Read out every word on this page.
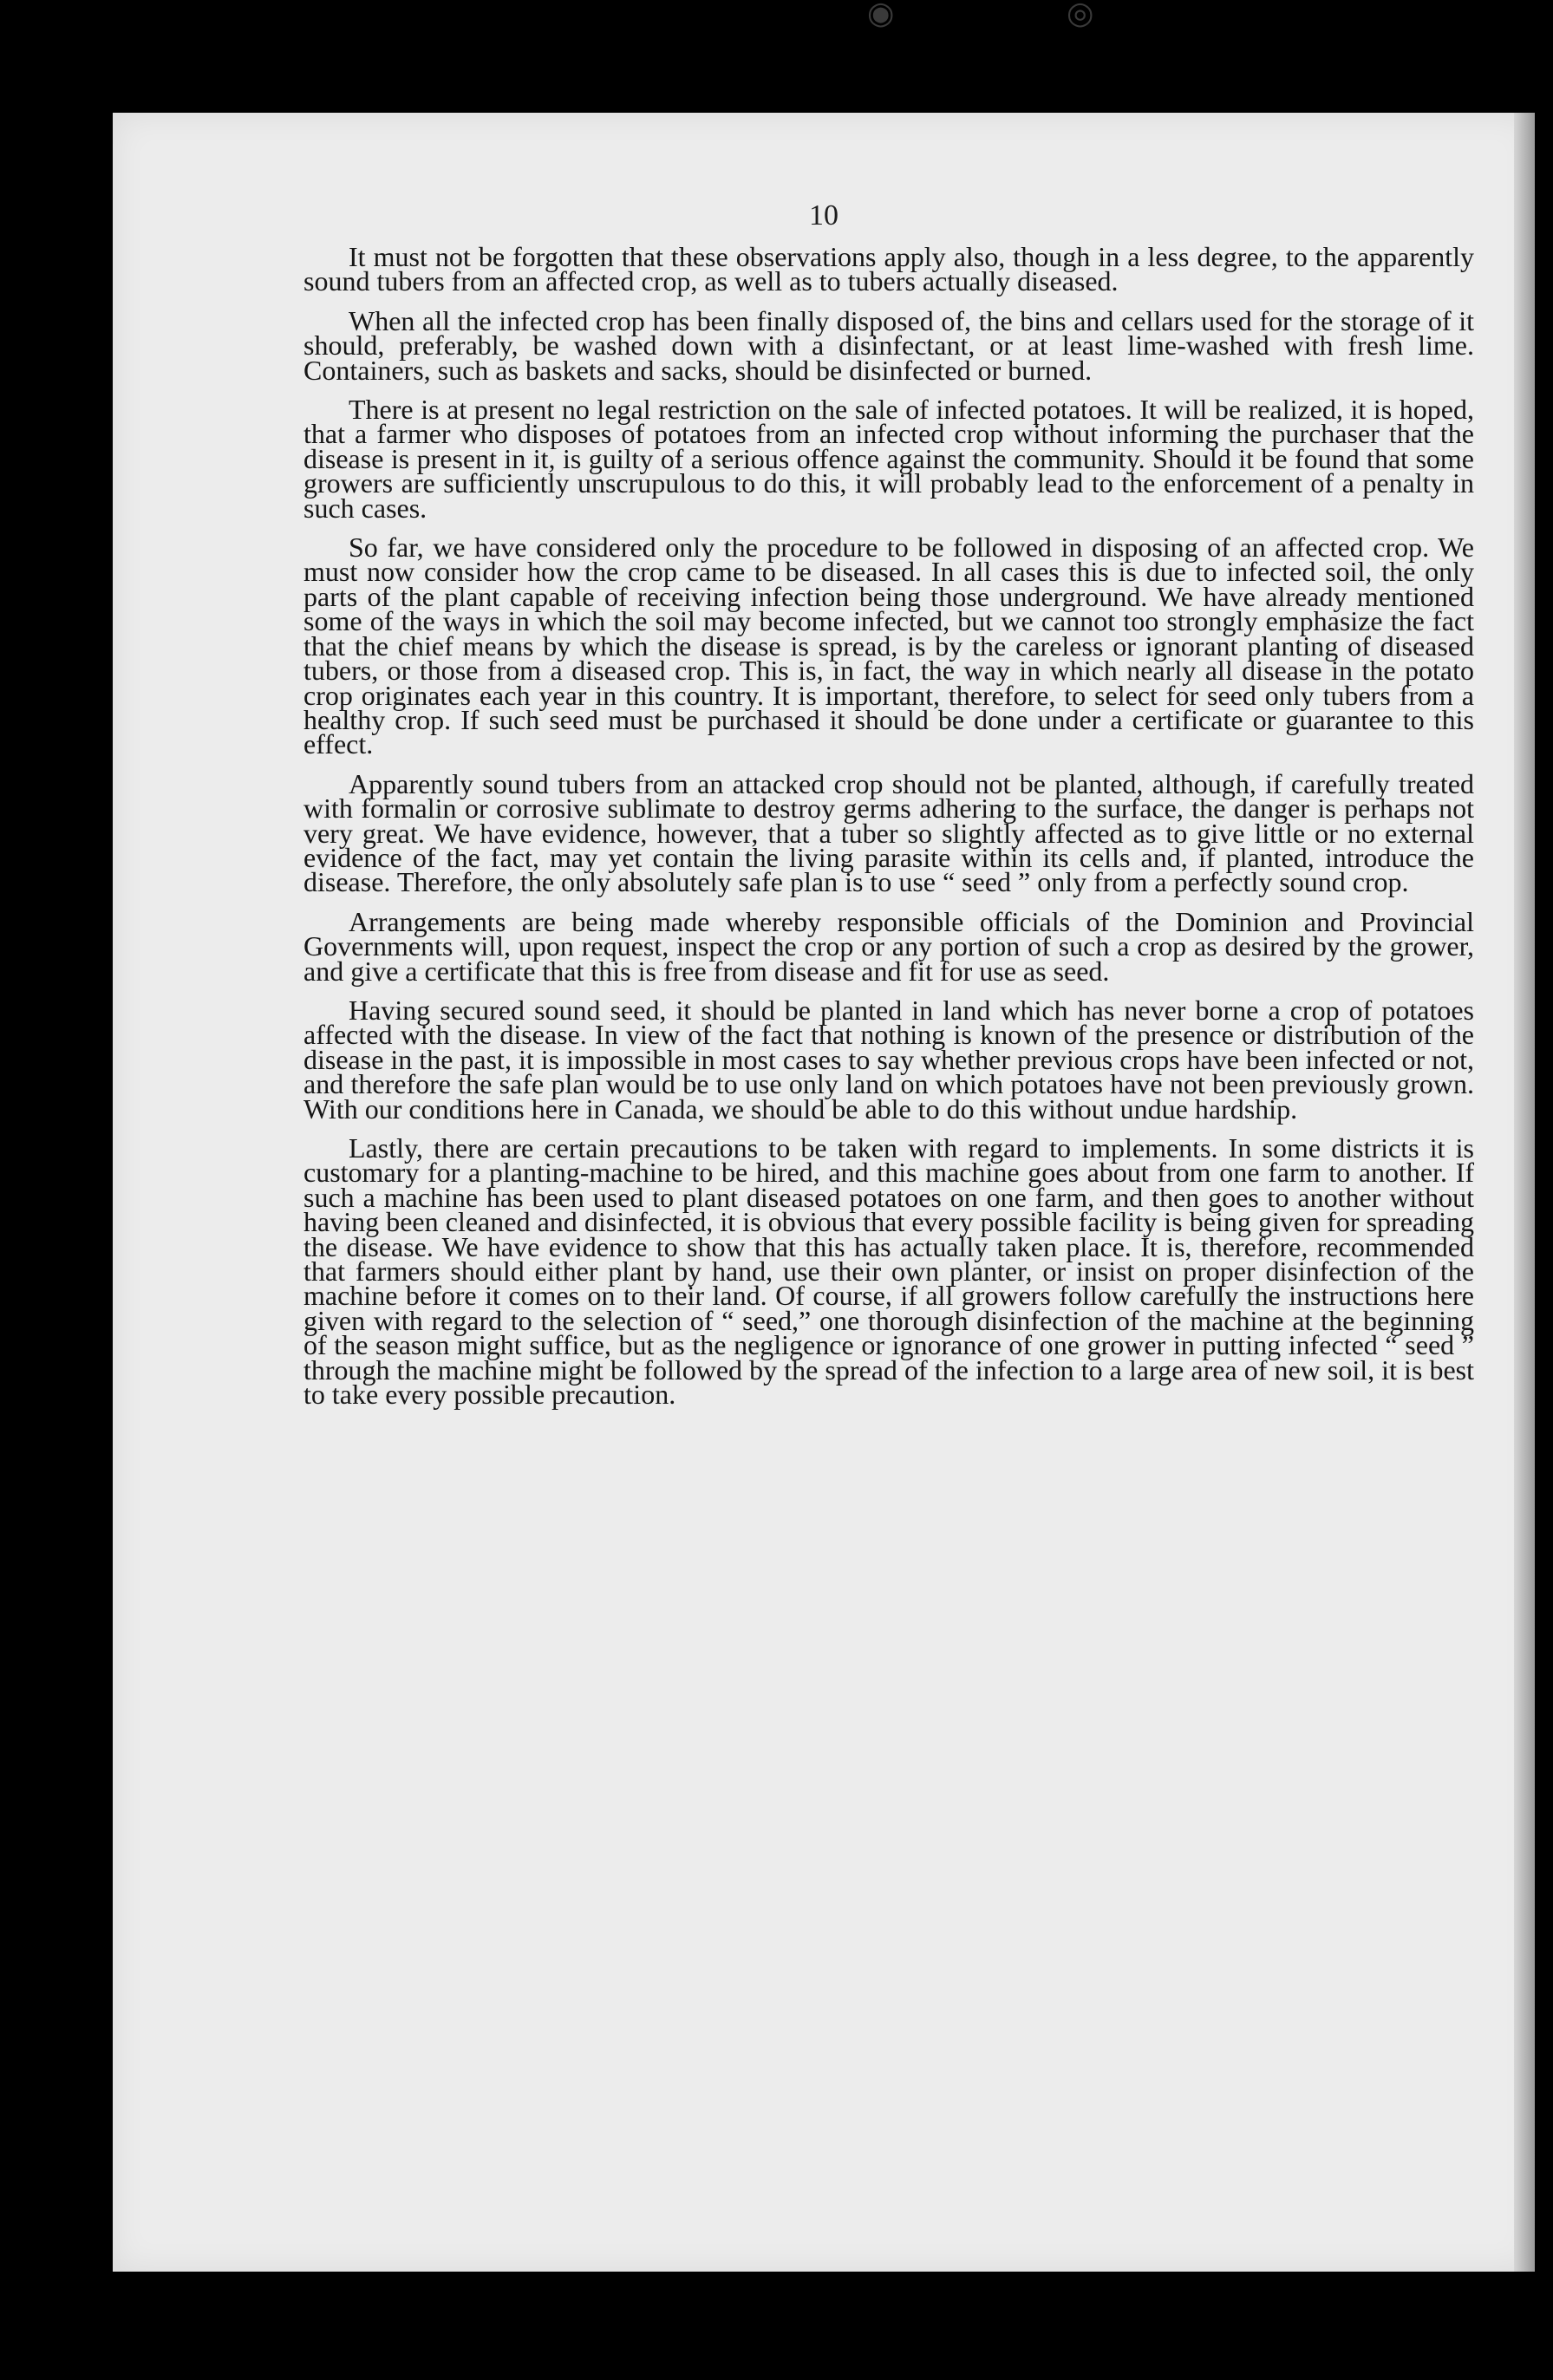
◉	◎

10

It must not be forgotten that these observations apply also, though in a less degree, to the apparently sound tubers from an affected crop, as well as to tubers actually diseased.

When all the infected crop has been finally disposed of, the bins and cellars used for the storage of it should, preferably, be washed down with a disinfectant, or at least lime-washed with fresh lime. Containers, such as baskets and sacks, should be disinfected or burned.

There is at present no legal restriction on the sale of infected potatoes. It will be realized, it is hoped, that a farmer who disposes of potatoes from an infected crop without informing the purchaser that the disease is present in it, is guilty of a serious offence against the community. Should it be found that some growers are sufficiently unscrupulous to do this, it will probably lead to the enforcement of a penalty in such cases.

So far, we have considered only the procedure to be followed in disposing of an affected crop. We must now consider how the crop came to be diseased. In all cases this is due to infected soil, the only parts of the plant capable of receiving infection being those underground. We have already mentioned some of the ways in which the soil may become infected, but we cannot too strongly emphasize the fact that the chief means by which the disease is spread, is by the careless or ignorant planting of diseased tubers, or those from a diseased crop. This is, in fact, the way in which nearly all disease in the potato crop originates each year in this country. It is important, therefore, to select for seed only tubers from a healthy crop. If such seed must be purchased it should be done under a certificate or guarantee to this effect.

Apparently sound tubers from an attacked crop should not be planted, although, if carefully treated with formalin or corrosive sublimate to destroy germs adhering to the surface, the danger is perhaps not very great. We have evidence, however, that a tuber so slightly affected as to give little or no external evidence of the fact, may yet contain the living parasite within its cells and, if planted, introduce the disease. Therefore, the only absolutely safe plan is to use “ seed ” only from a perfectly sound crop.

Arrangements are being made whereby responsible officials of the Dominion and Provincial Governments will, upon request, inspect the crop or any portion of such a crop as desired by the grower, and give a certificate that this is free from disease and fit for use as seed.

Having secured sound seed, it should be planted in land which has never borne a crop of potatoes affected with the disease. In view of the fact that nothing is known of the presence or distribution of the disease in the past, it is impossible in most cases to say whether previous crops have been infected or not, and therefore the safe plan would be to use only land on which potatoes have not been previously grown. With our conditions here in Canada, we should be able to do this without undue hardship.

Lastly, there are certain precautions to be taken with regard to implements. In some districts it is customary for a planting-machine to be hired, and this machine goes about from one farm to another. If such a machine has been used to plant diseased potatoes on one farm, and then goes to another without having been cleaned and disinfected, it is obvious that every possible facility is being given for spreading the disease. We have evidence to show that this has actually taken place. It is, therefore, recommended that farmers should either plant by hand, use their own planter, or insist on proper disinfection of the machine before it comes on to their land. Of course, if all growers follow carefully the instructions here given with regard to the selection of “ seed,” one thorough disinfection of the machine at the beginning of the season might suffice, but as the negligence or ignorance of one grower in putting infected “ seed ” through the machine might be followed by the spread of the infection to a large area of new soil, it is best to take every possible precaution.
